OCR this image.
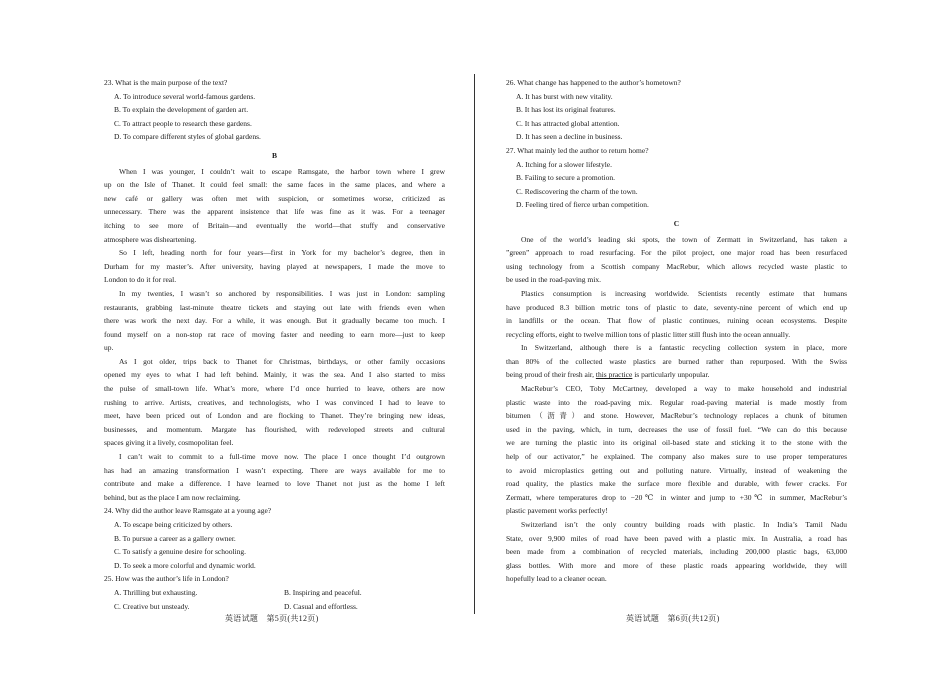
23. What is the main purpose of the text?
A. To introduce several world-famous gardens.
B. To explain the development of garden art.
C. To attract people to research these gardens.
D. To compare different styles of global gardens.
B
When I was younger, I couldn’t wait to escape Ramsgate, the harbor town where I grew
up on the Isle of Thanet. It could feel small: the same faces in the same places, and where a
new café or gallery was often met with suspicion, or sometimes worse, criticized as
unnecessary. There was the apparent insistence that life was fine as it was. For a teenager
itching to see more of Britain—and eventually the world—that stuffy and conservative
atmosphere was disheartening.
So I left, heading north for four years—first in York for my bachelor’s degree, then in
Durham for my master’s. After university, having played at newspapers, I made the move to
London to do it for real.
In my twenties, I wasn’t so anchored by responsibilities. I was just in London: sampling
restaurants, grabbing last-minute theatre tickets and staying out late with friends even when
there was work the next day. For a while, it was enough. But it gradually became too much. I
found myself on a non-stop rat race of moving faster and needing to earn more—just to keep
up.
As I got older, trips back to Thanet for Christmas, birthdays, or other family occasions
opened my eyes to what I had left behind. Mainly, it was the sea. And I also started to miss
the pulse of small-town life. What’s more, where I’d once hurried to leave, others are now
rushing to arrive. Artists, creatives, and technologists, who I was convinced I had to leave to
meet, have been priced out of London and are flocking to Thanet. They’re bringing new ideas,
businesses, and momentum. Margate has flourished, with redeveloped streets and cultural
spaces giving it a lively, cosmopolitan feel.
I can’t wait to commit to a full-time move now. The place I once thought I’d outgrown
has had an amazing transformation I wasn’t expecting. There are ways available for me to
contribute and make a difference. I have learned to love Thanet not just as the home I left
behind, but as the place I am now reclaiming.
24. Why did the author leave Ramsgate at a young age?
A. To escape being criticized by others.
B. To pursue a career as a gallery owner.
C. To satisfy a genuine desire for schooling.
D. To seek a more colorful and dynamic world.
25. How was the author’s life in London?
A. Thrilling but exhausting.	B. Inspiring and peaceful.
C. Creative but unsteady.	D. Casual and effortless.
26. What change has happened to the author’s hometown?
A. It has burst with new vitality.
B. It has lost its original features.
C. It has attracted global attention.
D. It has seen a decline in business.
27. What mainly led the author to return home?
A. Itching for a slower lifestyle.
B. Failing to secure a promotion.
C. Rediscovering the charm of the town.
D. Feeling tired of fierce urban competition.
C
One of the world’s leading ski spots, the town of Zermatt in Switzerland, has taken a
”green” approach to road resurfacing. For the pilot project, one major road has been resurfaced
using technology from a Scottish company MacRebur, which allows recycled waste plastic to
be used in the road-paving mix.
Plastics consumption is increasing worldwide. Scientists recently estimate that humans
have produced 8.3 billion metric tons of plastic to date, seventy-nine percent of which end up
in landfills or the ocean. That flow of plastic continues, ruining ocean ecosystems. Despite
recycling efforts, eight to twelve million tons of plastic litter still flush into the ocean annually.
In Switzerland, although there is a fantastic recycling collection system in place, more
than 80% of the collected waste plastics are burned rather than repurposed. With the Swiss
being proud of their fresh air, this practice is particularly unpopular.
MacRebur’s CEO, Toby McCartney, developed a way to make household and industrial
plastic waste into the road-paving mix. Regular road-paving material is made mostly from
bitumen（沥青）and stone. However, MacRebur’s technology replaces a chunk of bitumen
used in the paving, which, in turn, decreases the use of fossil fuel. “We can do this because
we are turning the plastic into its original oil-based state and sticking it to the stone with the
help of our activator,” he explained. The company also makes sure to use proper temperatures
to avoid microplastics getting out and polluting nature. Virtually, instead of weakening the
road quality, the plastics make the surface more flexible and durable, with fewer cracks. For
Zermatt, where temperatures drop to −20℃ in winter and jump to +30℃ in summer, MacRebur’s
plastic pavement works perfectly!
Switzerland isn’t the only country building roads with plastic. In India’s Tamil Nadu
State, over 9,900 miles of road have been paved with a plastic mix. In Australia, a road has
been made from a combination of recycled materials, including 200,000 plastic bags, 63,000
glass bottles. With more and more of these plastic roads appearing worldwide, they will
hopefully lead to a cleaner ocean.
英语试题　第5页(共12页)	英语试题　第6页(共12页)
